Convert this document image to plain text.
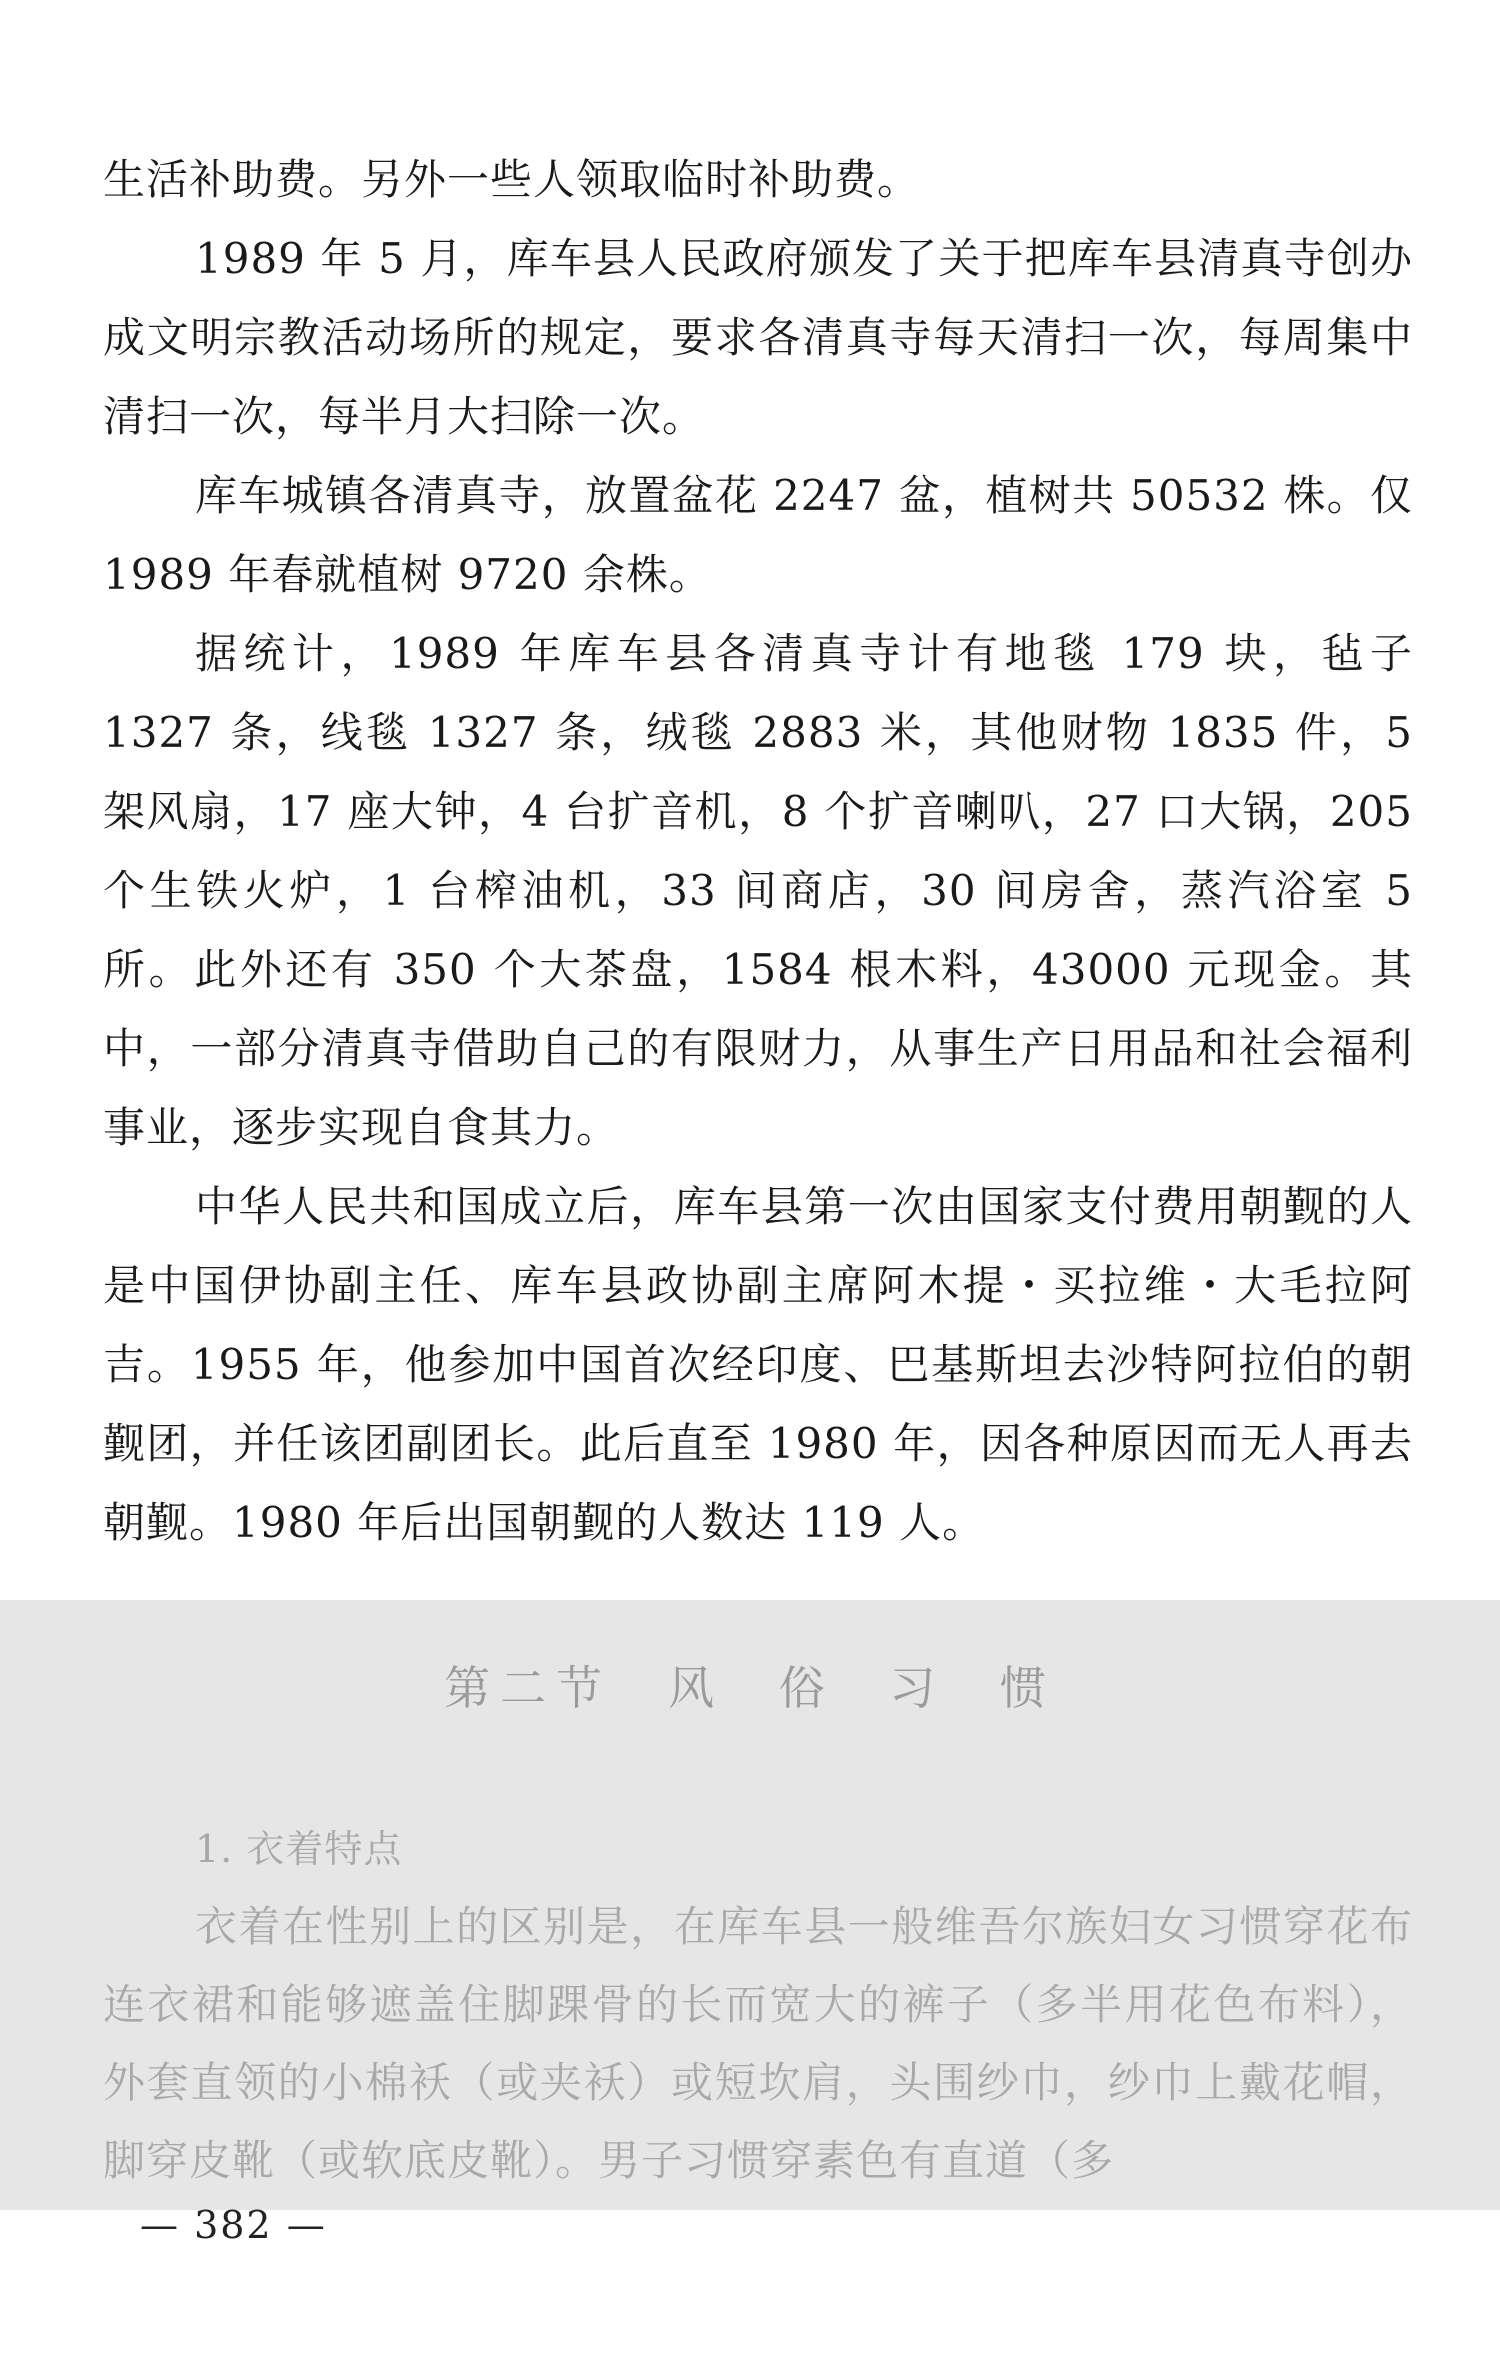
生活补助费。另外一些人领取临时补助费。

1989 年 5 月，库车县人民政府颁发了关于把库车县清真寺创办成文明宗教活动场所的规定，要求各清真寺每天清扫一次，每周集中清扫一次，每半月大扫除一次。

库车城镇各清真寺，放置盆花 2247 盆，植树共 50532 株。仅 1989 年春就植树 9720 余株。

据统计，1989 年库车县各清真寺计有地毯 179 块，毡子 1327 条，线毯 1327 条，绒毯 2883 米，其他财物 1835 件，5 架风扇，17 座大钟，4 台扩音机，8 个扩音喇叭，27 口大锅，205 个生铁火炉，1 台榨油机，33 间商店，30 间房舍，蒸汽浴室 5 所。此外还有 350 个大茶盘，1584 根木料，43000 元现金。其中，一部分清真寺借助自己的有限财力，从事生产日用品和社会福利事业，逐步实现自食其力。

中华人民共和国成立后，库车县第一次由国家支付费用朝觐的人是中国伊协副主任、库车县政协副主席阿木提・买拉维・大毛拉阿吉。1955 年，他参加中国首次经印度、巴基斯坦去沙特阿拉伯的朝觐团，并任该团副团长。此后直至 1980 年，因各种原因而无人再去朝觐。1980 年后出国朝觐的人数达 119 人。

第二节　风 俗 习 惯
1. 衣着特点

衣着在性别上的区别是，在库车县一般维吾尔族妇女习惯穿花布连衣裙和能够遮盖住脚踝骨的长而宽大的裤子（多半用花色布料），外套直领的小棉袄（或夹袄）或短坎肩，头围纱巾，纱巾上戴花帽，脚穿皮靴（或软底皮靴）。男子习惯穿素色有直道（多

— 382 —
